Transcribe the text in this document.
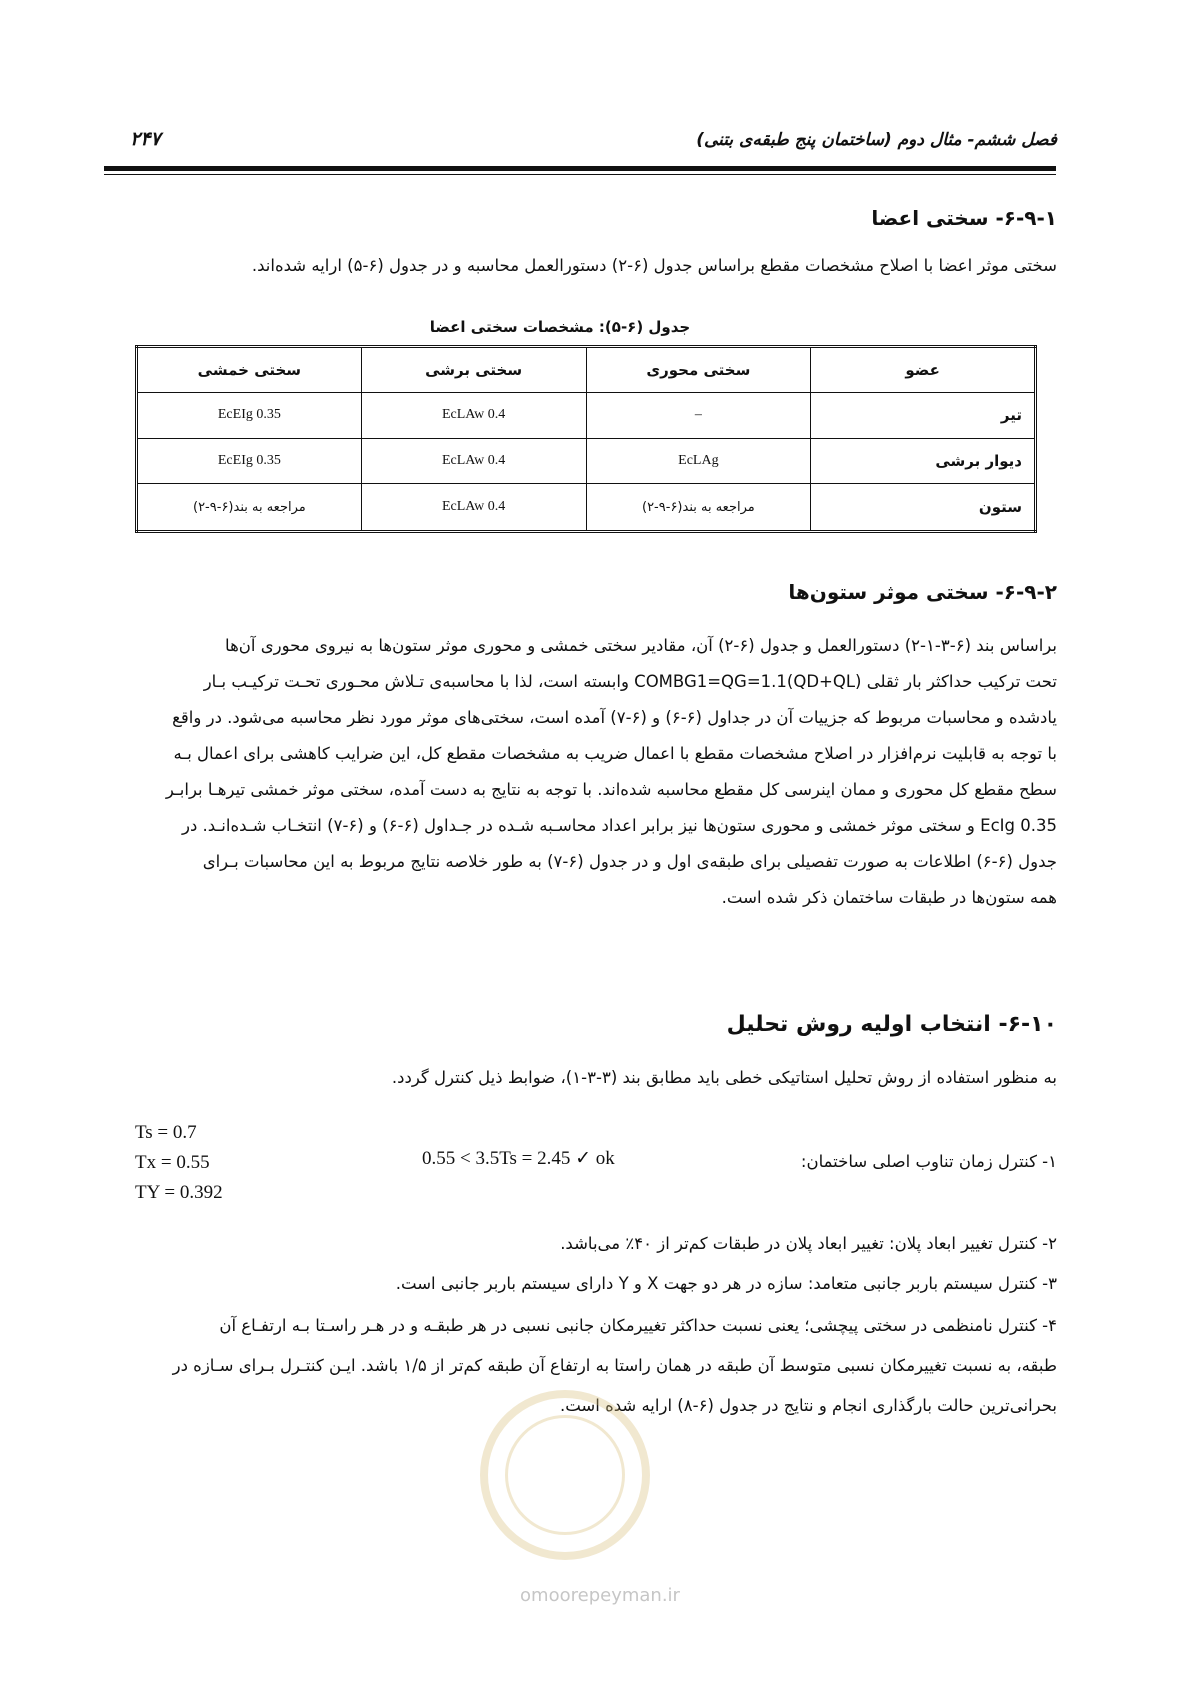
۲۴۷	فصل ششم- مثال دوم (ساختمان پنج طبقه‌ی بتنی)
۶-۹-۱- سختی اعضا
سختی موثر اعضا با اصلاح مشخصات مقطع براساس جدول (۶-۲) دستورالعمل محاسبه و در جدول (۶-۵) ارایه شده‌اند.
جدول (۶-۵): مشخصات سختی اعضا
عضو	سختی محوری	سختی برشی	سختی خمشی
تیر	–	0.4 EcLAw	0.35 EcEIg
دیوار برشی	EcLAg	0.4 EcLAw	0.35 EcEIg
ستون	مراجعه به بند(۶-۹-۲)	0.4 EcLAw	مراجعه به بند(۶-۹-۲)
۶-۹-۲- سختی موثر ستون‌ها
براساس بند (۶-۳-۱-۲) دستورالعمل و جدول (۶-۲) آن، مقادیر سختی خمشی و محوری موثر ستون‌ها به نیروی محوری آن‌ها
تحت ترکیب حداکثر بار ثقلی (COMBG1=QG=1.1(QD+QL وابسته است، لذا با محاسبه‌ی تـلاش محـوری تحـت ترکیـب بـار
یادشده و محاسبات مربوط که جزییات آن در جداول (۶-۶) و (۶-۷) آمده است، سختی‌های موثر مورد نظر محاسبه می‌شود. در واقع
با توجه به قابلیت نرم‌افزار در اصلاح مشخصات مقطع با اعمال ضریب به مشخصات مقطع کل، این ضرایب کاهشی برای اعمال بـه
سطح مقطع کل محوری و ممان اینرسی کل مقطع محاسبه شده‌اند. با توجه به نتایج به دست آمده، سختی موثر خمشی تیرهـا برابـر
0.35 EcIg و سختی موثر خمشی و محوری ستون‌ها نیز برابر اعداد محاسـبه شـده در جـداول (۶-۶) و (۶-۷) انتخـاب شـده‌انـد. در
جدول (۶-۶) اطلاعات به صورت تفصیلی برای طبقه‌ی اول و در جدول (۶-۷) به طور خلاصه نتایج مربوط به این محاسبات بـرای
همه ستون‌ها در طبقات ساختمان ذکر شده است.
۶-۱۰- انتخاب اولیه روش تحلیل
به منظور استفاده از روش تحلیل استاتیکی خطی باید مطابق بند (۳-۳-۱)، ضوابط ذیل کنترل گردد.
Ts = 0.7
Tx = 0.55
TY = 0.392
0.55 < 3.5Ts = 2.45 ✓ ok	۱- کنترل زمان تناوب اصلی ساختمان:
۲- کنترل تغییر ابعاد پلان: تغییر ابعاد پلان در طبقات کم‌تر از ۴۰٪ می‌باشد.
۳- کنترل سیستم باربر جانبی متعامد: سازه در هر دو جهت X و Y دارای سیستم باربر جانبی است.
۴- کنترل نامنظمی در سختی پیچشی؛ یعنی نسبت حداکثر تغییرمکان جانبی نسبی در هر طبقـه و در هـر راسـتا بـه ارتفـاع آن
طبقه، به نسبت تغییرمکان نسبی متوسط آن طبقه در همان راستا به ارتفاع آن طبقه کم‌تر از ۱/۵ باشد. ایـن کنتـرل بـرای سـازه در
بحرانی‌ترین حالت بارگذاری انجام و نتایج در جدول (۶-۸) ارایه شده است.
omoorepeyman.ir
